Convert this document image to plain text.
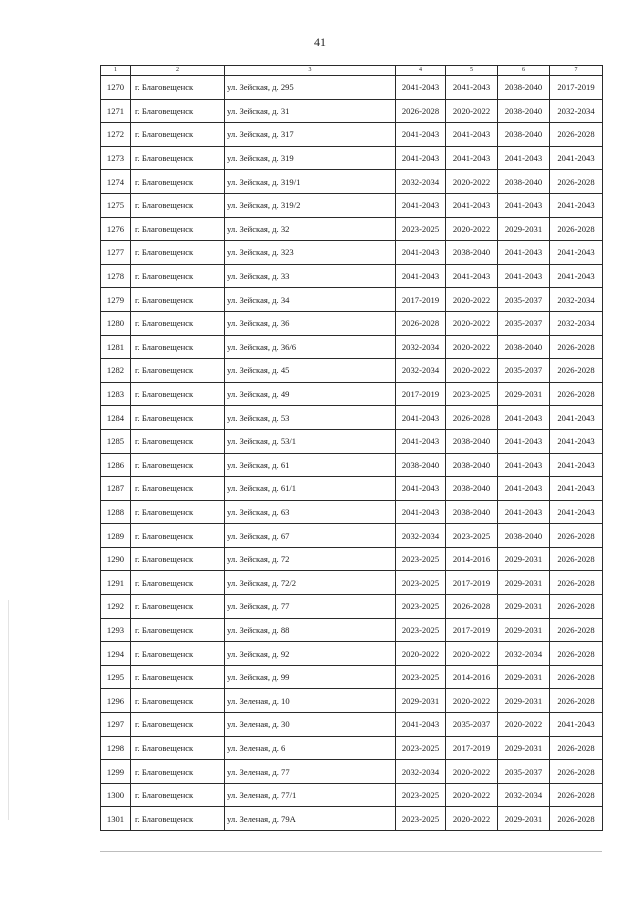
41
1	2	3	4	5	6	7
1270	г. Благовещенск	ул. Зейская, д. 295	2041-2043	2041-2043	2038-2040	2017-2019
1271	г. Благовещенск	ул. Зейская, д. 31	2026-2028	2020-2022	2038-2040	2032-2034
1272	г. Благовещенск	ул. Зейская, д. 317	2041-2043	2041-2043	2038-2040	2026-2028
1273	г. Благовещенск	ул. Зейская, д. 319	2041-2043	2041-2043	2041-2043	2041-2043
1274	г. Благовещенск	ул. Зейская, д. 319/1	2032-2034	2020-2022	2038-2040	2026-2028
1275	г. Благовещенск	ул. Зейская, д. 319/2	2041-2043	2041-2043	2041-2043	2041-2043
1276	г. Благовещенск	ул. Зейская, д. 32	2023-2025	2020-2022	2029-2031	2026-2028
1277	г. Благовещенск	ул. Зейская, д. 323	2041-2043	2038-2040	2041-2043	2041-2043
1278	г. Благовещенск	ул. Зейская, д. 33	2041-2043	2041-2043	2041-2043	2041-2043
1279	г. Благовещенск	ул. Зейская, д. 34	2017-2019	2020-2022	2035-2037	2032-2034
1280	г. Благовещенск	ул. Зейская, д. 36	2026-2028	2020-2022	2035-2037	2032-2034
1281	г. Благовещенск	ул. Зейская, д. 36/6	2032-2034	2020-2022	2038-2040	2026-2028
1282	г. Благовещенск	ул. Зейская, д. 45	2032-2034	2020-2022	2035-2037	2026-2028
1283	г. Благовещенск	ул. Зейская, д. 49	2017-2019	2023-2025	2029-2031	2026-2028
1284	г. Благовещенск	ул. Зейская, д. 53	2041-2043	2026-2028	2041-2043	2041-2043
1285	г. Благовещенск	ул. Зейская, д. 53/1	2041-2043	2038-2040	2041-2043	2041-2043
1286	г. Благовещенск	ул. Зейская, д. 61	2038-2040	2038-2040	2041-2043	2041-2043
1287	г. Благовещенск	ул. Зейская, д. 61/1	2041-2043	2038-2040	2041-2043	2041-2043
1288	г. Благовещенск	ул. Зейская, д. 63	2041-2043	2038-2040	2041-2043	2041-2043
1289	г. Благовещенск	ул. Зейская, д. 67	2032-2034	2023-2025	2038-2040	2026-2028
1290	г. Благовещенск	ул. Зейская, д. 72	2023-2025	2014-2016	2029-2031	2026-2028
1291	г. Благовещенск	ул. Зейская, д. 72/2	2023-2025	2017-2019	2029-2031	2026-2028
1292	г. Благовещенск	ул. Зейская, д. 77	2023-2025	2026-2028	2029-2031	2026-2028
1293	г. Благовещенск	ул. Зейская, д. 88	2023-2025	2017-2019	2029-2031	2026-2028
1294	г. Благовещенск	ул. Зейская, д. 92	2020-2022	2020-2022	2032-2034	2026-2028
1295	г. Благовещенск	ул. Зейская, д. 99	2023-2025	2014-2016	2029-2031	2026-2028
1296	г. Благовещенск	ул. Зеленая, д. 10	2029-2031	2020-2022	2029-2031	2026-2028
1297	г. Благовещенск	ул. Зеленая, д. 30	2041-2043	2035-2037	2020-2022	2041-2043
1298	г. Благовещенск	ул. Зеленая, д. 6	2023-2025	2017-2019	2029-2031	2026-2028
1299	г. Благовещенск	ул. Зеленая, д. 77	2032-2034	2020-2022	2035-2037	2026-2028
1300	г. Благовещенск	ул. Зеленая, д. 77/1	2023-2025	2020-2022	2032-2034	2026-2028
1301	г. Благовещенск	ул. Зеленая, д. 79А	2023-2025	2020-2022	2029-2031	2026-2028
